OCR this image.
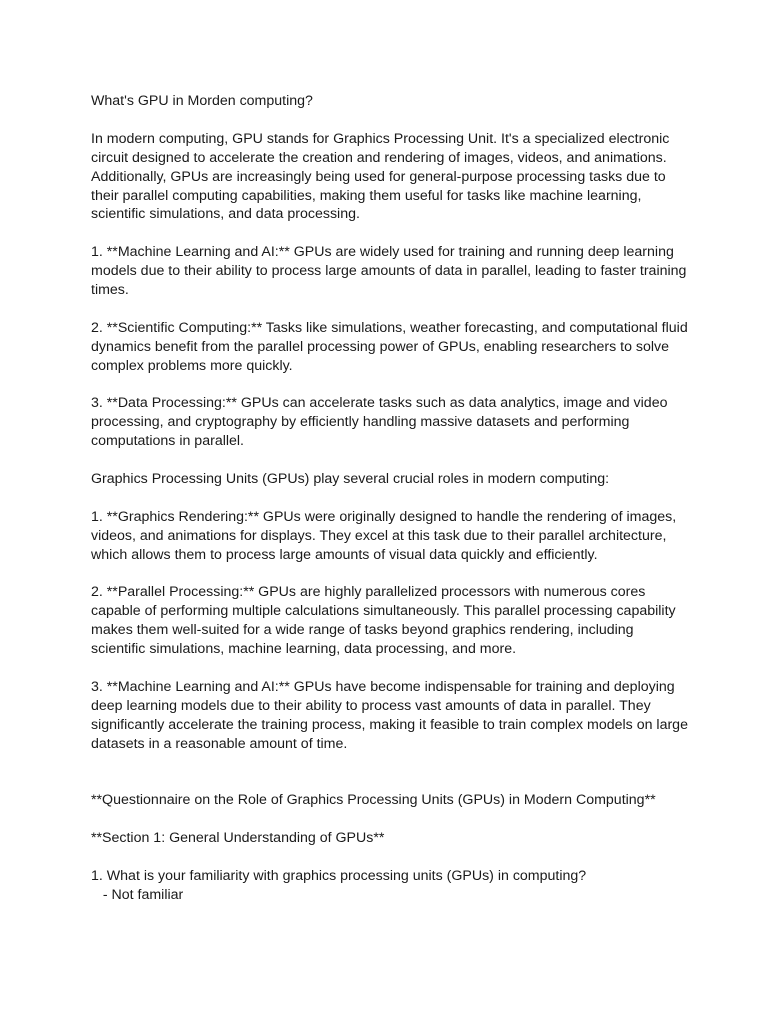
What's GPU in Morden computing?

In modern computing, GPU stands for Graphics Processing Unit. It's a specialized electronic circuit designed to accelerate the creation and rendering of images, videos, and animations. Additionally, GPUs are increasingly being used for general-purpose processing tasks due to their parallel computing capabilities, making them useful for tasks like machine learning, scientific simulations, and data processing.

1. **Machine Learning and AI:** GPUs are widely used for training and running deep learning models due to their ability to process large amounts of data in parallel, leading to faster training times.

2. **Scientific Computing:** Tasks like simulations, weather forecasting, and computational fluid dynamics benefit from the parallel processing power of GPUs, enabling researchers to solve complex problems more quickly.

3. **Data Processing:** GPUs can accelerate tasks such as data analytics, image and video processing, and cryptography by efficiently handling massive datasets and performing computations in parallel.

Graphics Processing Units (GPUs) play several crucial roles in modern computing:

1. **Graphics Rendering:** GPUs were originally designed to handle the rendering of images, videos, and animations for displays. They excel at this task due to their parallel architecture, which allows them to process large amounts of visual data quickly and efficiently.

2. **Parallel Processing:** GPUs are highly parallelized processors with numerous cores capable of performing multiple calculations simultaneously. This parallel processing capability makes them well-suited for a wide range of tasks beyond graphics rendering, including scientific simulations, machine learning, data processing, and more.

3. **Machine Learning and AI:** GPUs have become indispensable for training and deploying deep learning models due to their ability to process vast amounts of data in parallel. They significantly accelerate the training process, making it feasible to train complex models on large datasets in a reasonable amount of time.

**Questionnaire on the Role of Graphics Processing Units (GPUs) in Modern Computing**

**Section 1: General Understanding of GPUs**

1. What is your familiarity with graphics processing units (GPUs) in computing?

- Not familiar
